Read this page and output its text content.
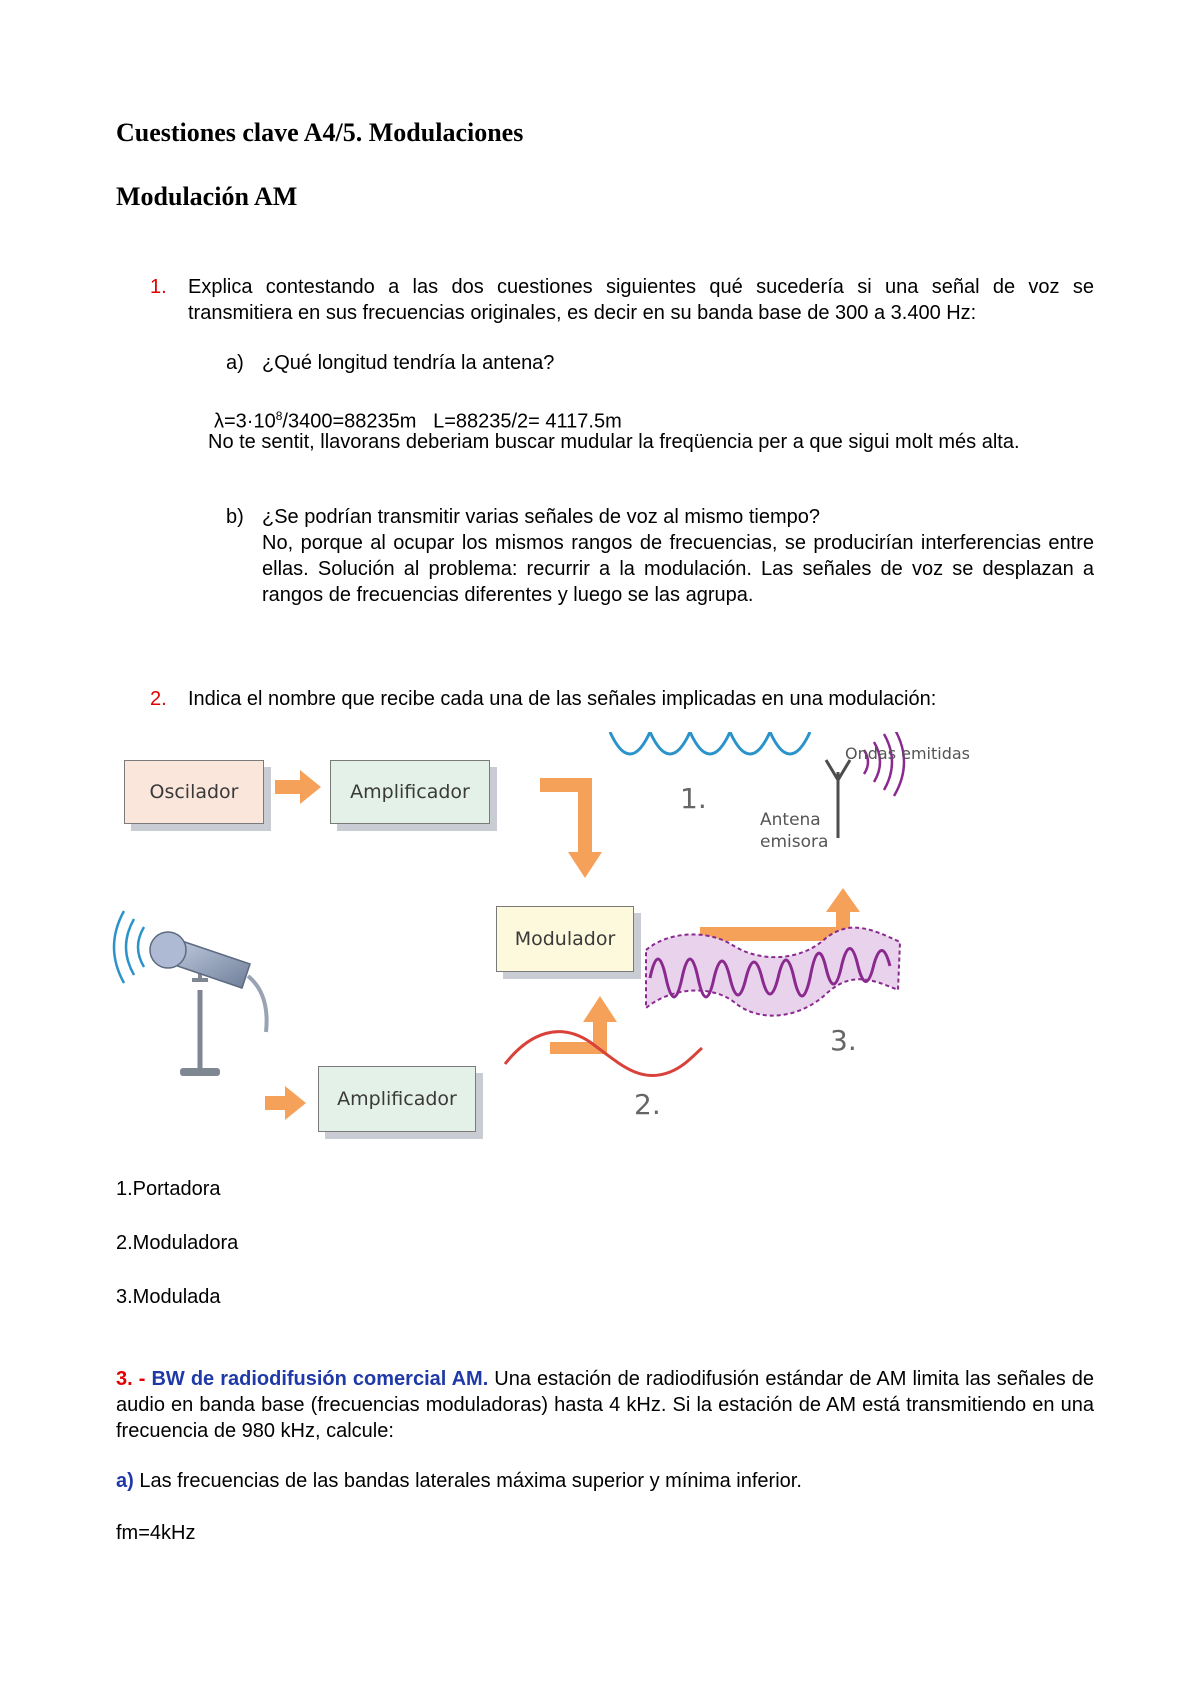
Cuestiones clave A4/5. Modulaciones
Modulación AM
1. Explica contestando a las dos cuestiones siguientes qué sucedería si una señal de voz se transmitiera en sus frecuencias originales, es decir en su banda base de 300 a 3.400 Hz:
a) ¿Qué longitud tendría la antena?
$\lambda=3\cdot 10^8/3400=88235m$   L=88235/2= 4117.5m
No te sentit, llavorans deberiam buscar mudular la freqüencia per a que sigui molt més alta.
b) ¿Se podrían transmitir varias señales de voz al mismo tiempo?
No, porque al ocupar los mismos rangos de frecuencias, se producirían interferencias entre ellas. Solución al problema: recurrir a la modulación. Las señales de voz se desplazan a rangos de frecuencias diferentes y luego se las agrupa.
2. Indica el nombre que recibe cada una de las señales implicadas en una modulación:
Oscilador	Amplificador
Modulador
Amplificador
Ondas emitidas
Antena
emisora
1.
2.
3.
1.Portadora
2.Moduladora
3.Modulada
3. - BW de radiodifusión comercial AM. Una estación de radiodifusión estándar de AM limita las señales de audio en banda base (frecuencias moduladoras) hasta 4 kHz. Si la estación de AM está transmitiendo en una frecuencia de 980 kHz, calcule:
a) Las frecuencias de las bandas laterales máxima superior y mínima inferior.
fm=4kHz
